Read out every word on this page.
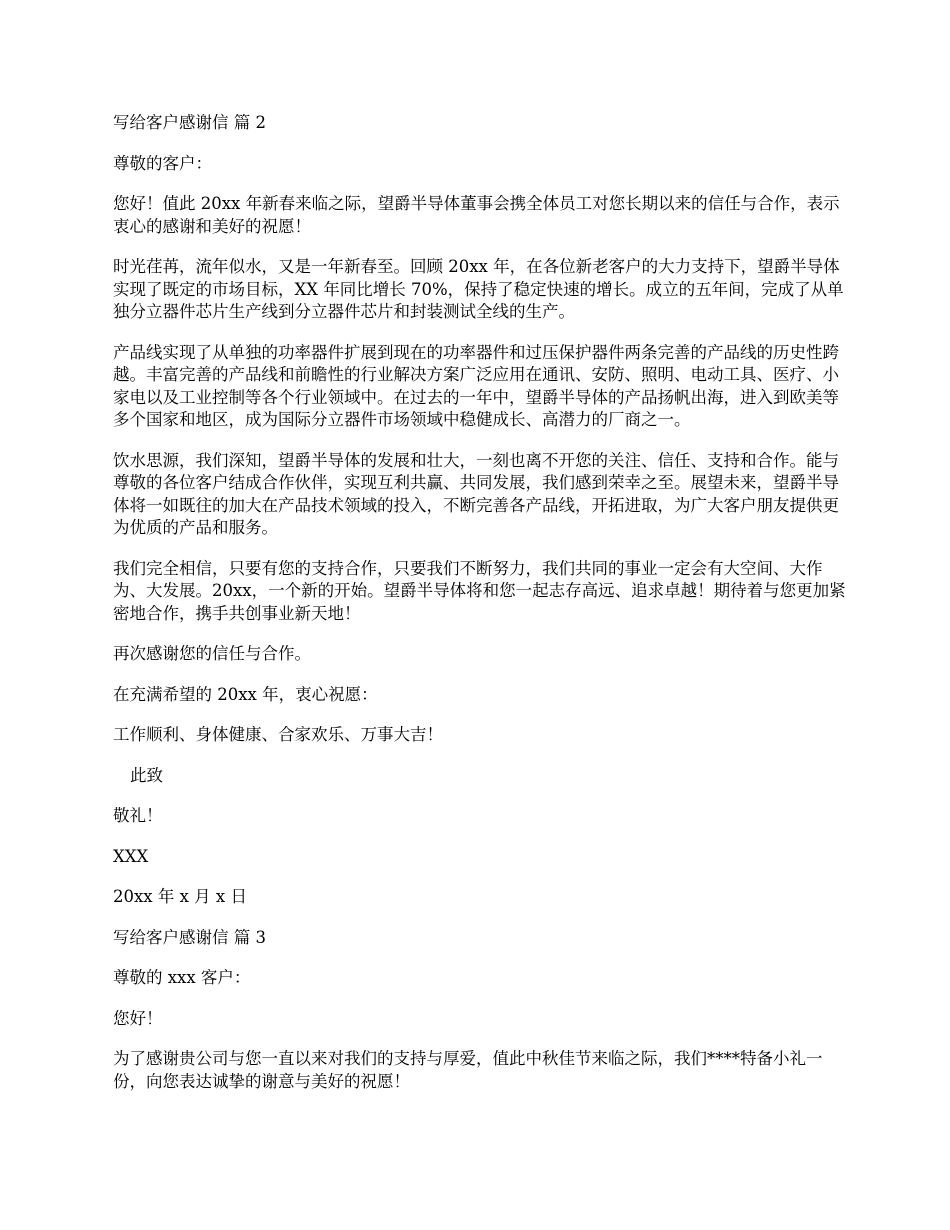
写给客户感谢信 篇 2

尊敬的客户：

您好！值此 20xx 年新春来临之际，望爵半导体董事会携全体员工对您长期以来的信任与合作，表示衷心的感谢和美好的祝愿！

时光荏苒，流年似水，又是一年新春至。回顾 20xx 年，在各位新老客户的大力支持下，望爵半导体实现了既定的市场目标，XX 年同比增长 70%，保持了稳定快速的增长。成立的五年间，完成了从单独分立器件芯片生产线到分立器件芯片和封装测试全线的生产。

产品线实现了从单独的功率器件扩展到现在的功率器件和过压保护器件两条完善的产品线的历史性跨越。丰富完善的产品线和前瞻性的行业解决方案广泛应用在通讯、安防、照明、电动工具、医疗、小家电以及工业控制等各个行业领域中。在过去的一年中，望爵半导体的产品扬帆出海，进入到欧美等多个国家和地区，成为国际分立器件市场领域中稳健成长、高潜力的厂商之一。

饮水思源，我们深知，望爵半导体的发展和壮大，一刻也离不开您的关注、信任、支持和合作。能与尊敬的各位客户结成合作伙伴，实现互利共赢、共同发展，我们感到荣幸之至。展望未来，望爵半导体将一如既往的加大在产品技术领域的投入，不断完善各产品线，开拓进取，为广大客户朋友提供更为优质的产品和服务。

我们完全相信，只要有您的支持合作，只要我们不断努力，我们共同的事业一定会有大空间、大作为、大发展。20xx，一个新的开始。望爵半导体将和您一起志存高远、追求卓越！期待着与您更加紧密地合作，携手共创事业新天地！

再次感谢您的信任与合作。

在充满希望的 20xx 年，衷心祝愿：

工作顺利、身体健康、合家欢乐、万事大吉！

此致

敬礼！

XXX

20xx 年 x 月 x 日

写给客户感谢信 篇 3

尊敬的 xxx 客户：

您好！

为了感谢贵公司与您一直以来对我们的支持与厚爱，值此中秋佳节来临之际，我们****特备小礼一份，向您表达诚挚的谢意与美好的祝愿！
